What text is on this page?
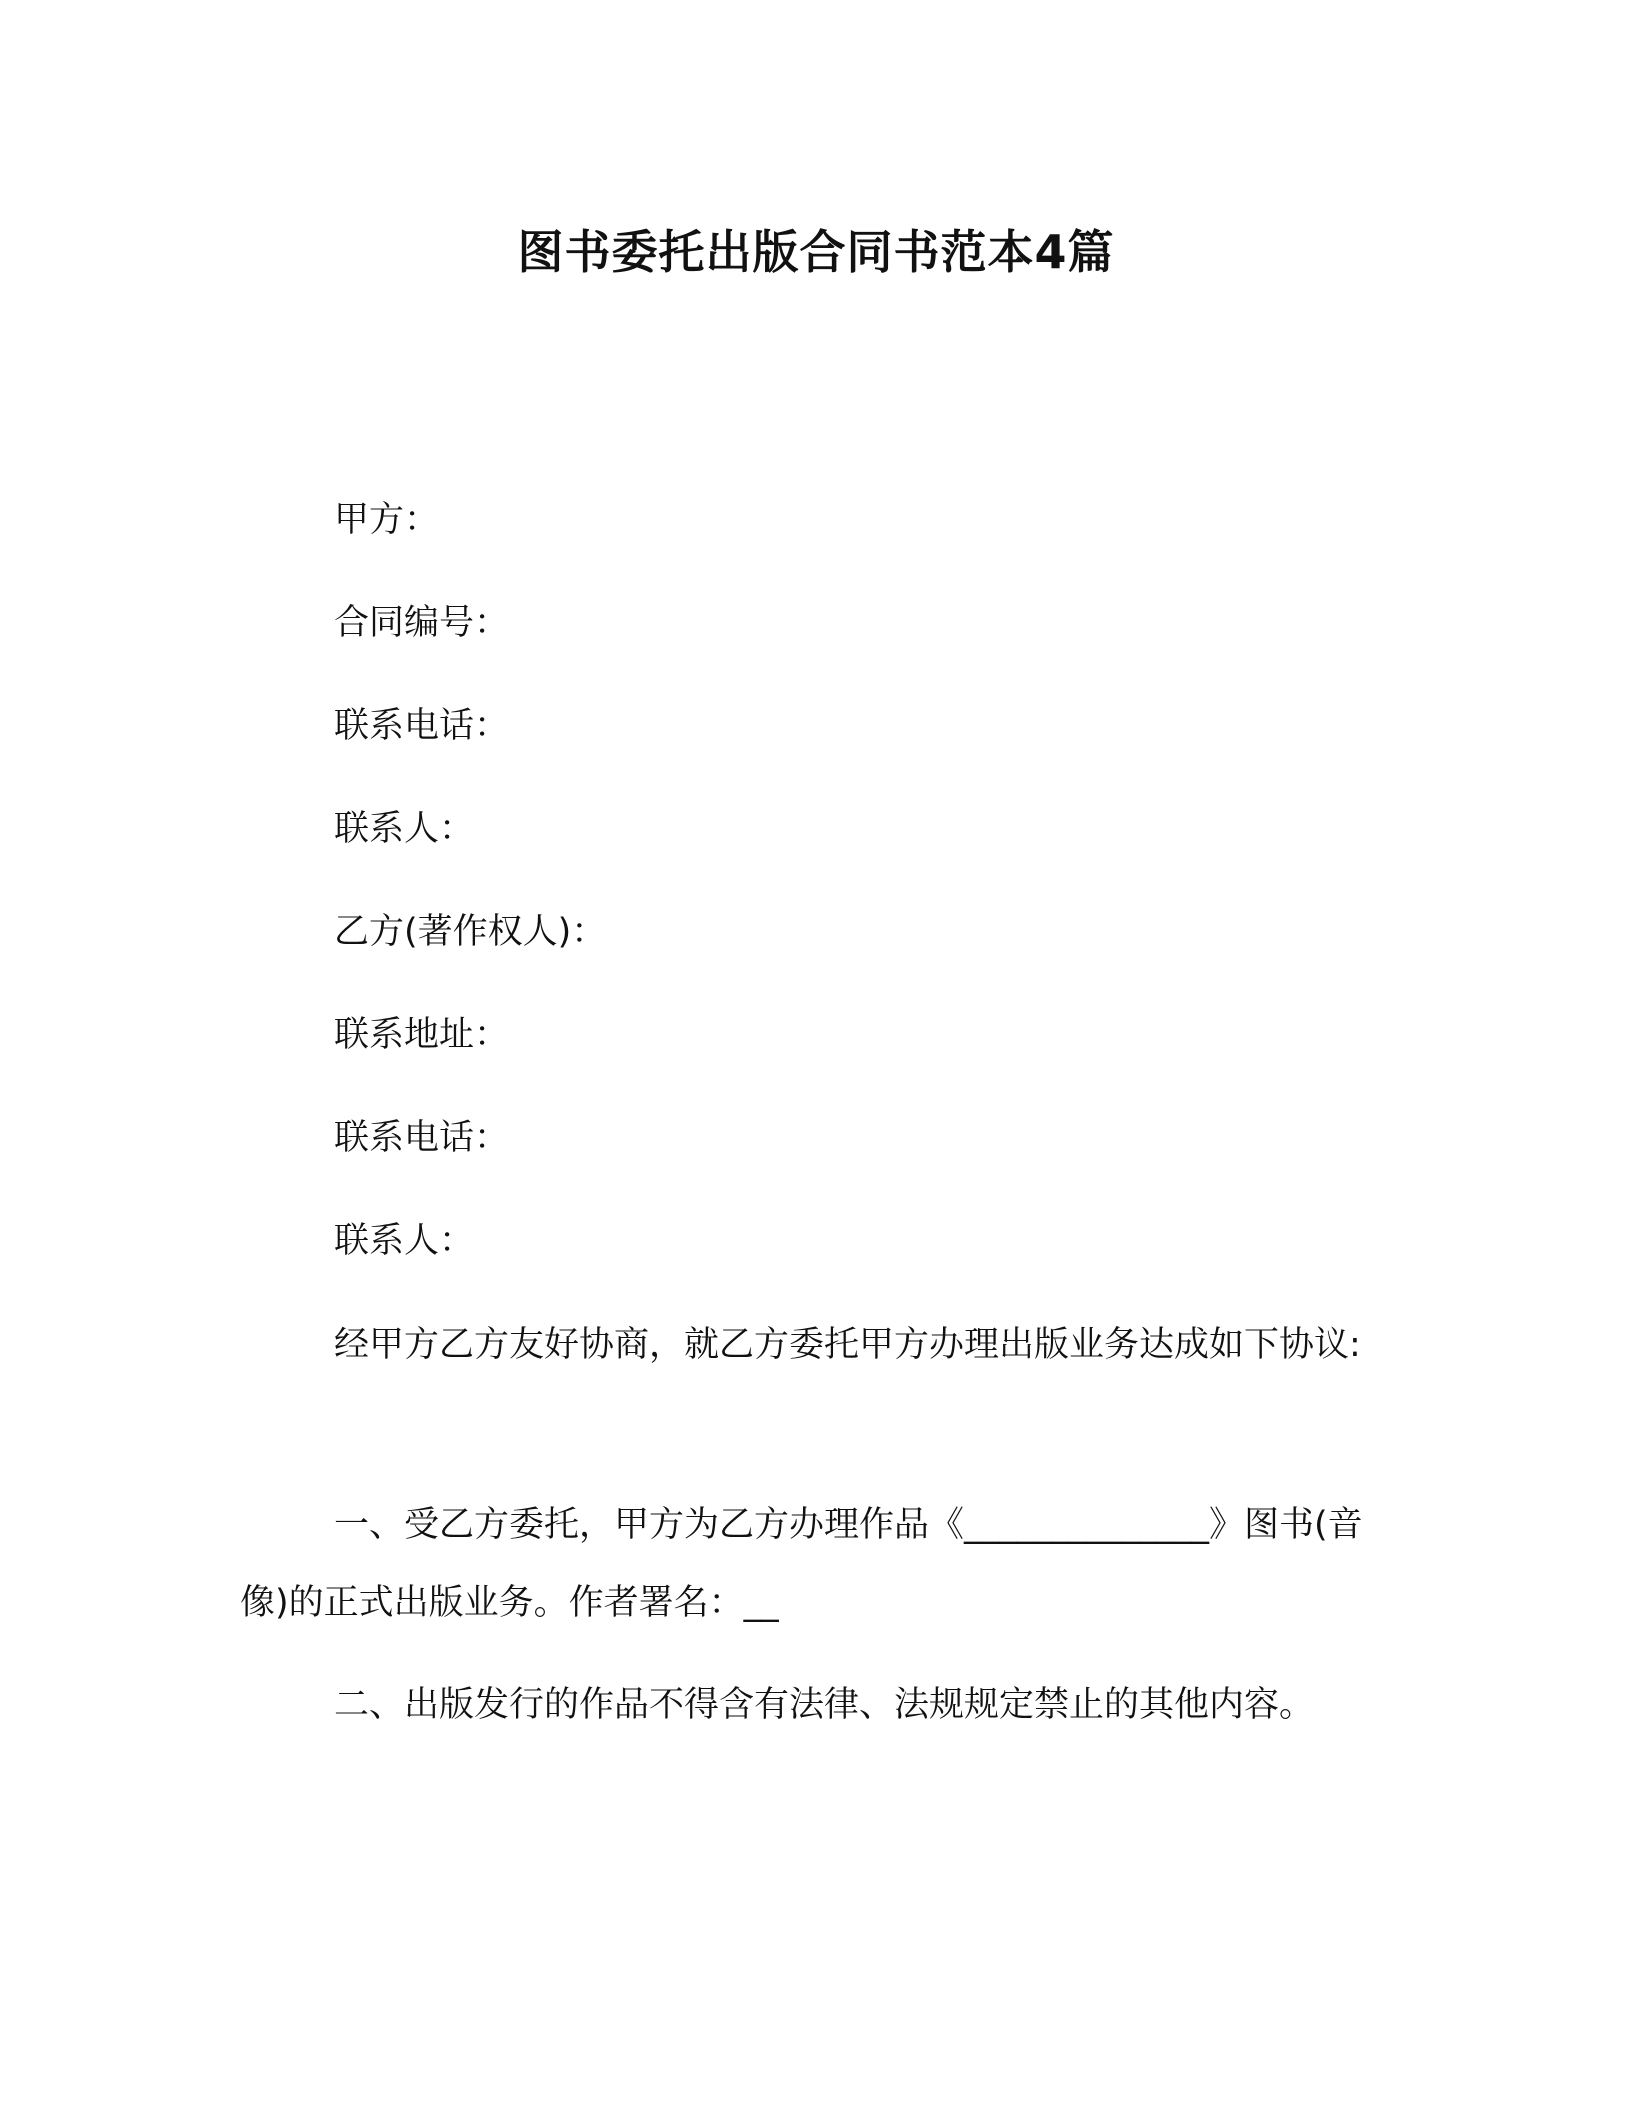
图书委托出版合同书范本4篇

甲方：

合同编号：

联系电话：

联系人：

乙方(著作权人)：

联系地址：

联系电话：

联系人：

经甲方乙方友好协商，就乙方委托甲方办理出版业务达成如下协议:

一、受乙方委托，甲方为乙方办理作品《______________》图书(音像)的正式出版业务。作者署名：__

二、出版发行的作品不得含有法律、法规规定禁止的其他内容。
